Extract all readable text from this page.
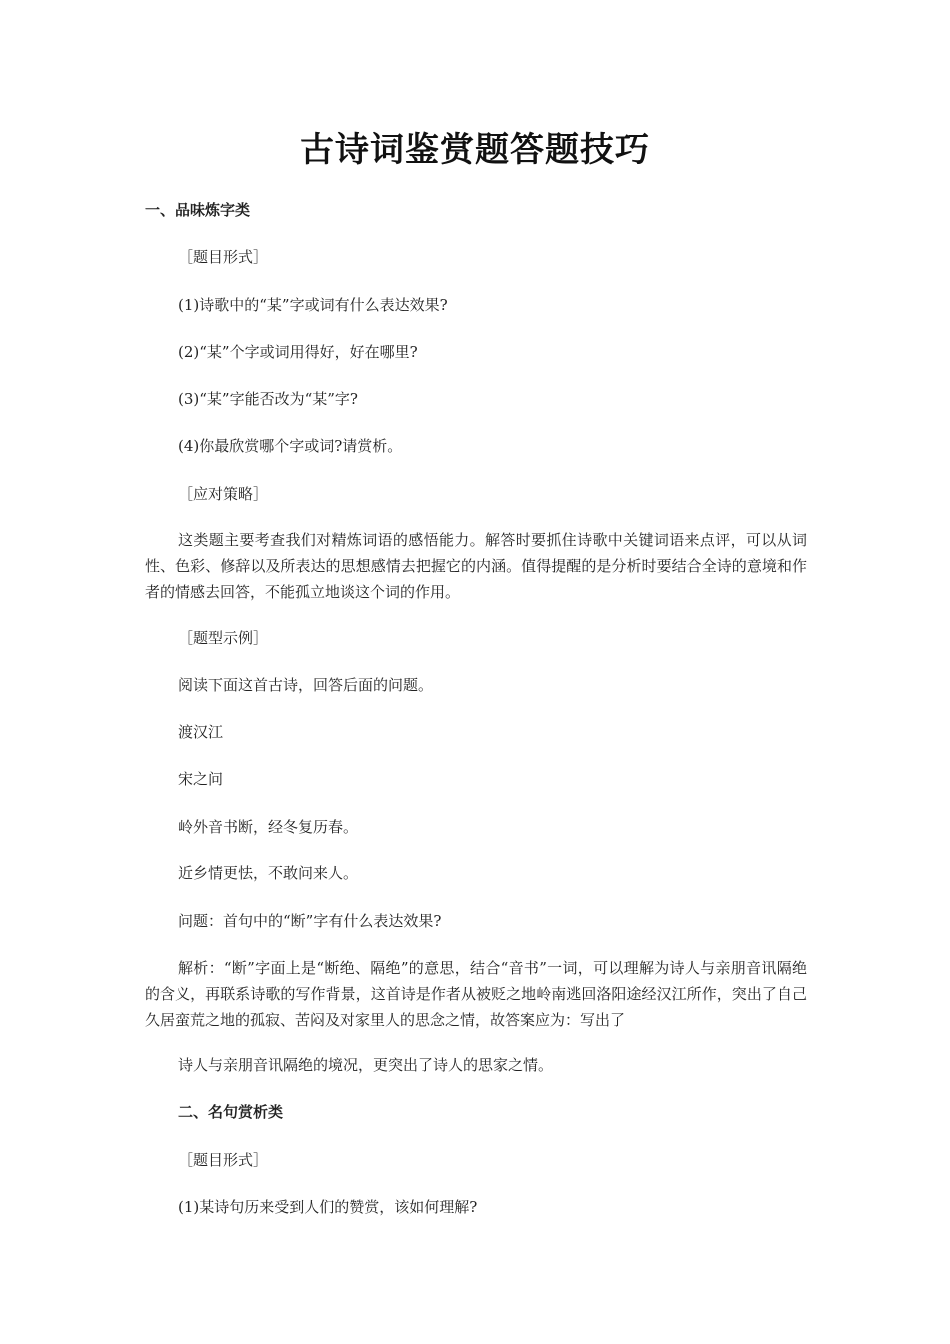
古诗词鉴赏题答题技巧
一、品味炼字类
［题目形式］
(1)诗歌中的“某”字或词有什么表达效果?
(2)“某”个字或词用得好，好在哪里?
(3)“某”字能否改为“某”字?
(4)你最欣赏哪个字或词?请赏析。
［应对策略］
这类题主要考查我们对精炼词语的感悟能力。解答时要抓住诗歌中关键词语来点评，可以从词性、色彩、修辞以及所表达的思想感情去把握它的内涵。值得提醒的是分析时要结合全诗的意境和作者的情感去回答，不能孤立地谈这个词的作用。
［题型示例］
阅读下面这首古诗，回答后面的问题。
渡汉江
宋之问
岭外音书断，经冬复历春。
近乡情更怯，不敢问来人。
问题：首句中的“断”字有什么表达效果?
解析：“断”字面上是“断绝、隔绝”的意思，结合“音书”一词，可以理解为诗人与亲朋音讯隔绝的含义，再联系诗歌的写作背景，这首诗是作者从被贬之地岭南逃回洛阳途经汉江所作，突出了自己久居蛮荒之地的孤寂、苦闷及对家里人的思念之情，故答案应为：写出了
诗人与亲朋音讯隔绝的境况，更突出了诗人的思家之情。
二、名句赏析类
［题目形式］
(1)某诗句历来受到人们的赞赏，该如何理解?
